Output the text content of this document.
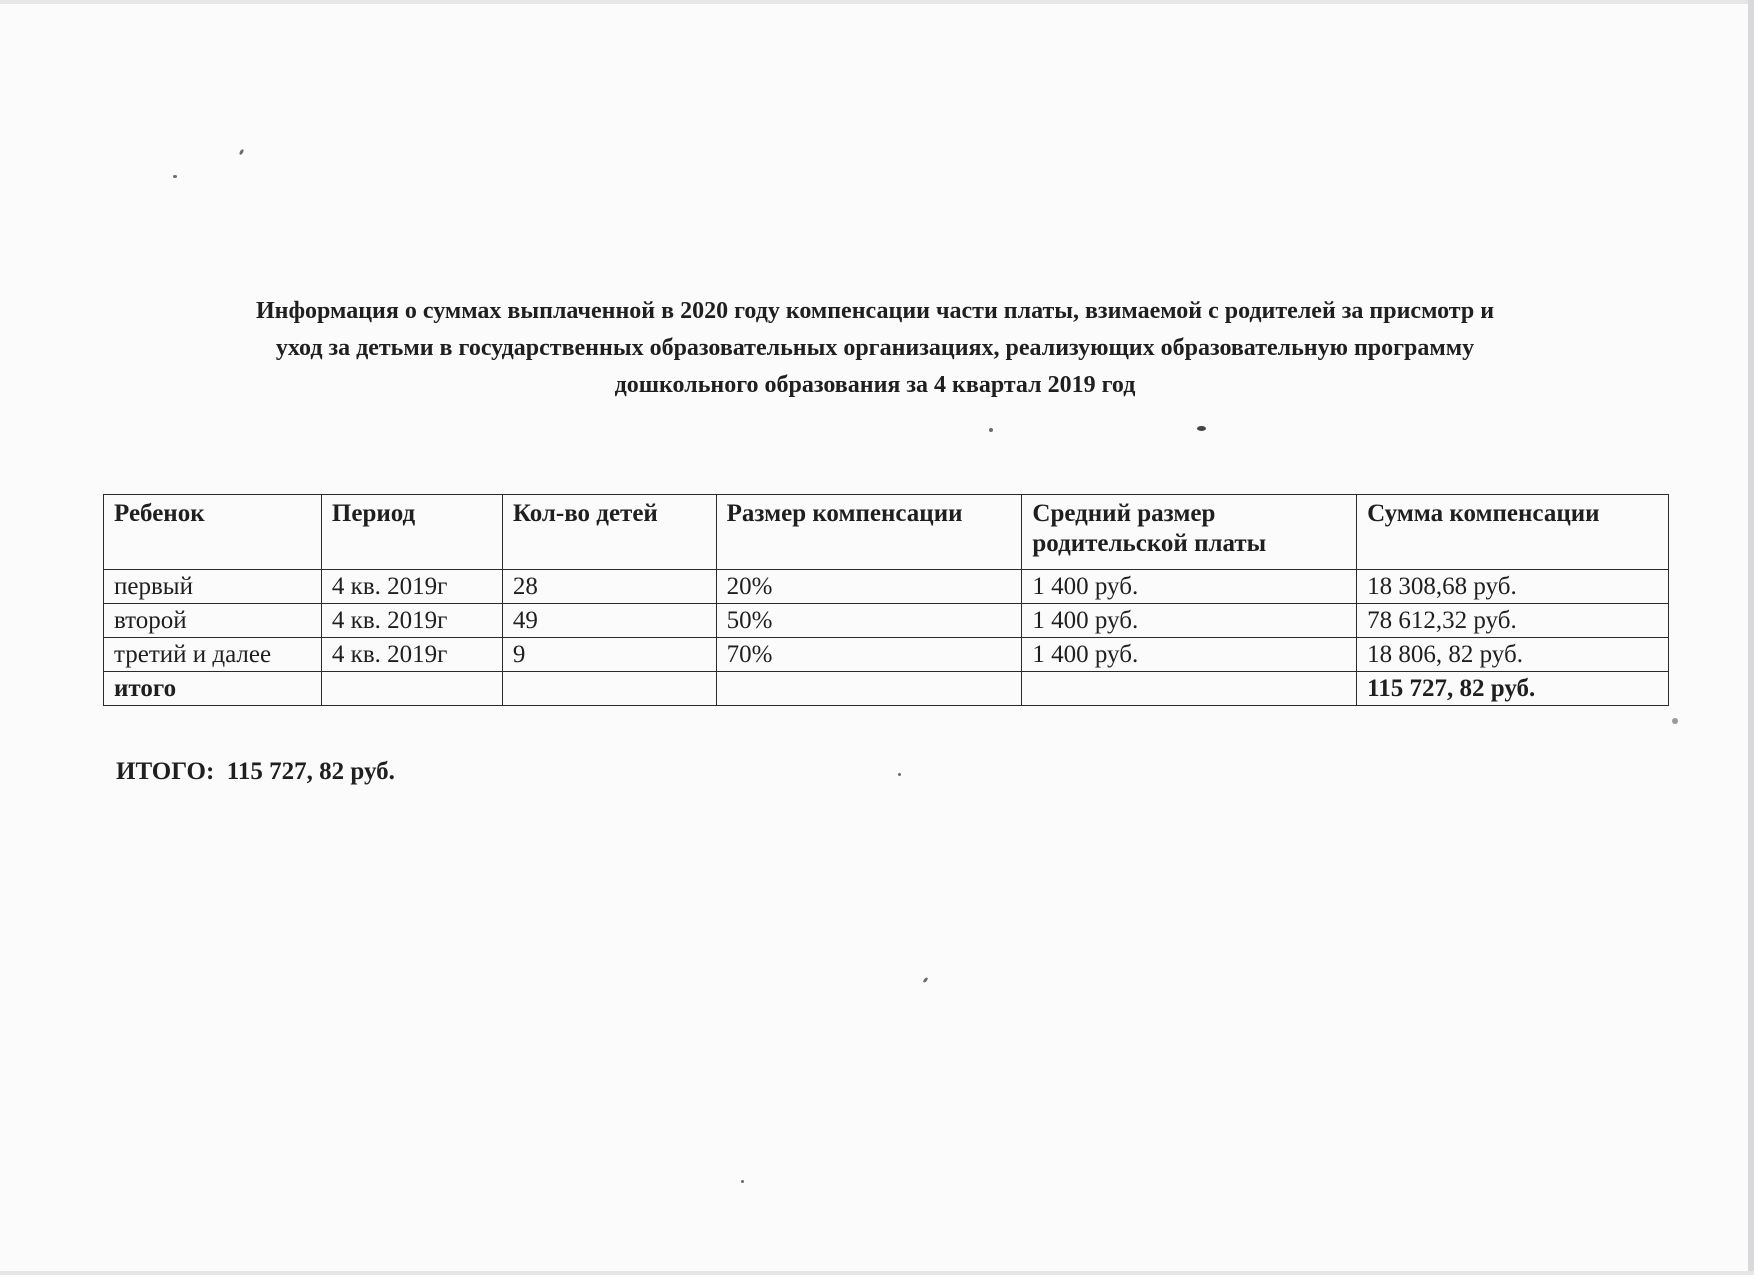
Информация о суммах выплаченной в 2020 году компенсации части платы, взимаемой с родителей за присмотр и
уход за детьми в государственных образовательных организациях, реализующих образовательную программу
дошкольного образования за 4 квартал 2019 год
Ребенок	Период	Кол-во детей	Размер компенсации	Средний размер родительской платы	Сумма компенсации
первый	4 кв. 2019г	28	20%	1 400 руб.	18 308,68 руб.
второй	4 кв. 2019г	49	50%	1 400 руб.	78 612,32 руб.
третий и далее	4 кв. 2019г	9	70%	1 400 руб.	18 806, 82 руб.
итого					115 727, 82 руб.

ИТОГО: 115 727, 82 руб.
